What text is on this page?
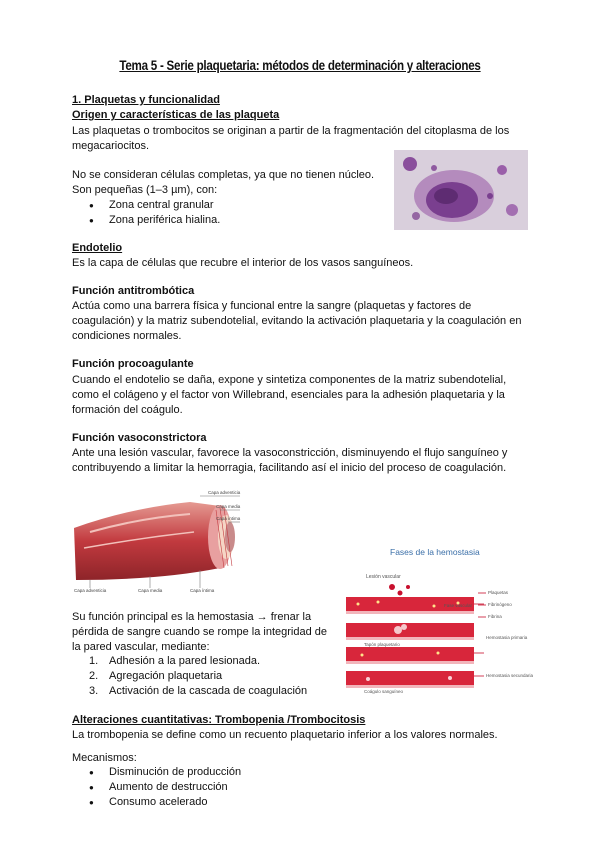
Tema 5 - Serie plaquetaria: métodos de determinación y alteraciones
1. Plaquetas y funcionalidad
Origen y características de las plaqueta
Las plaquetas o trombocitos se originan a partir de la fragmentación del citoplasma de los
megacariocitos.
No se consideran células completas, ya que no tienen núcleo.
Son pequeñas (1–3 µm), con:
● Zona central granular
● Zona periférica hialina.
Endotelio
Es la capa de células que recubre el interior de los vasos sanguíneos.
Función antitrombótica
Actúa como una barrera física y funcional entre la sangre (plaquetas y factores de
coagulación) y la matriz subendotelial, evitando la activación plaquetaria y la coagulación en
condiciones normales.
Función procoagulante
Cuando el endotelio se daña, expone y sintetiza componentes de la matriz subendotelial,
como el colágeno y el factor von Willebrand, esenciales para la adhesión plaquetaria y la
formación del coágulo.
Función vasoconstrictora
Ante una lesión vascular, favorece la vasoconstricción, disminuyendo el flujo sanguíneo y
contribuyendo a limitar la hemorragia, facilitando así el inicio del proceso de coagulación.
Capa adventicia
Capa media
Capa íntima
Capa adventicia	Capa media	Capa íntima
Fases de la hemostasia
Lesión vascular
Fase vascular
Vasoconstricción del vaso
Hemostasia primaria
Tapón plaquetario
Hemostasia secundaria
Coágulo sanguíneo
Plaquetas
Fibrinógeno
Fibrina
Su función principal es la hemostasia → frenar la
pérdida de sangre cuando se rompe la integridad de
la pared vascular, mediante:
1. Adhesión a la pared lesionada.
2. Agregación plaquetaria
3. Activación de la cascada de coagulación
Alteraciones cuantitativas: Trombopenia /Trombocitosis
La trombopenia se define como un recuento plaquetario inferior a los valores normales.
Mecanismos:
● Disminución de producción
● Aumento de destrucción
● Consumo acelerado
